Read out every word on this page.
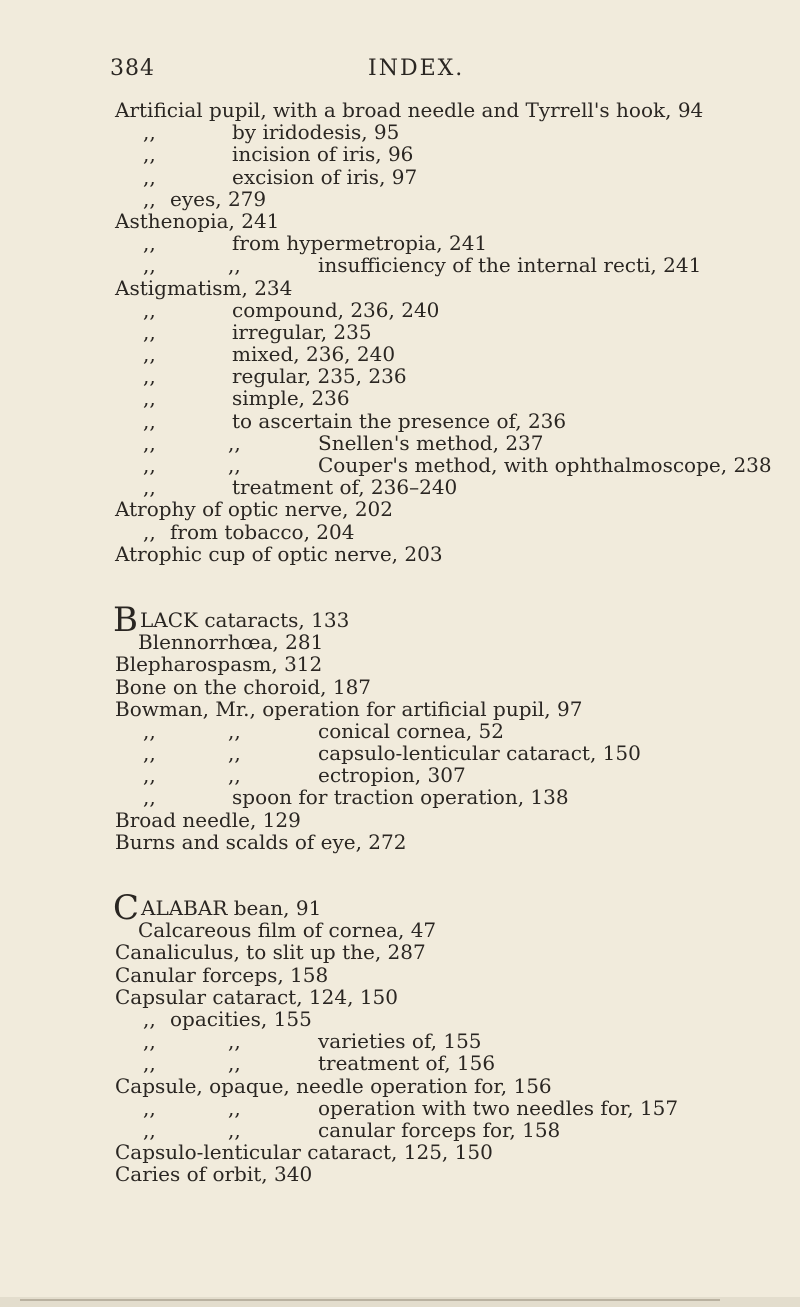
384	INDEX.
Artificial pupil, with a broad needle and Tyrrell's hook, 94
,,	by iridodesis, 95
,,	incision of iris, 96
,,	excision of iris, 97
,, eyes, 279
Asthenopia, 241
,,	from hypermetropia, 241
,,	,,	insufficiency of the internal recti, 241
Astigmatism, 234
,,	compound, 236, 240
,,	irregular, 235
,,	mixed, 236, 240
,,	regular, 235, 236
,,	simple, 236
,,	to ascertain the presence of, 236
,,	,,	Snellen's method, 237
,,	,,	Couper's method, with ophthalmoscope, 238
,,	treatment of, 236–240
Atrophy of optic nerve, 202
,, from tobacco, 204
Atrophic cup of optic nerve, 203
BLACK cataracts, 133
Blennorrhœa, 281
Blepharospasm, 312
Bone on the choroid, 187
Bowman, Mr., operation for artificial pupil, 97
,,	,,	conical cornea, 52
,,	,,	capsulo-lenticular cataract, 150
,,	,,	ectropion, 307
,,	spoon for traction operation, 138
Broad needle, 129
Burns and scalds of eye, 272
CALABAR bean, 91
Calcareous film of cornea, 47
Canaliculus, to slit up the, 287
Canular forceps, 158
Capsular cataract, 124, 150
,, opacities, 155
,,	,,	varieties of, 155
,,	,,	treatment of, 156
Capsule, opaque, needle operation for, 156
,,	,,	operation with two needles for, 157
,,	,,	canular forceps for, 158
Capsulo-lenticular cataract, 125, 150
Caries of orbit, 340
